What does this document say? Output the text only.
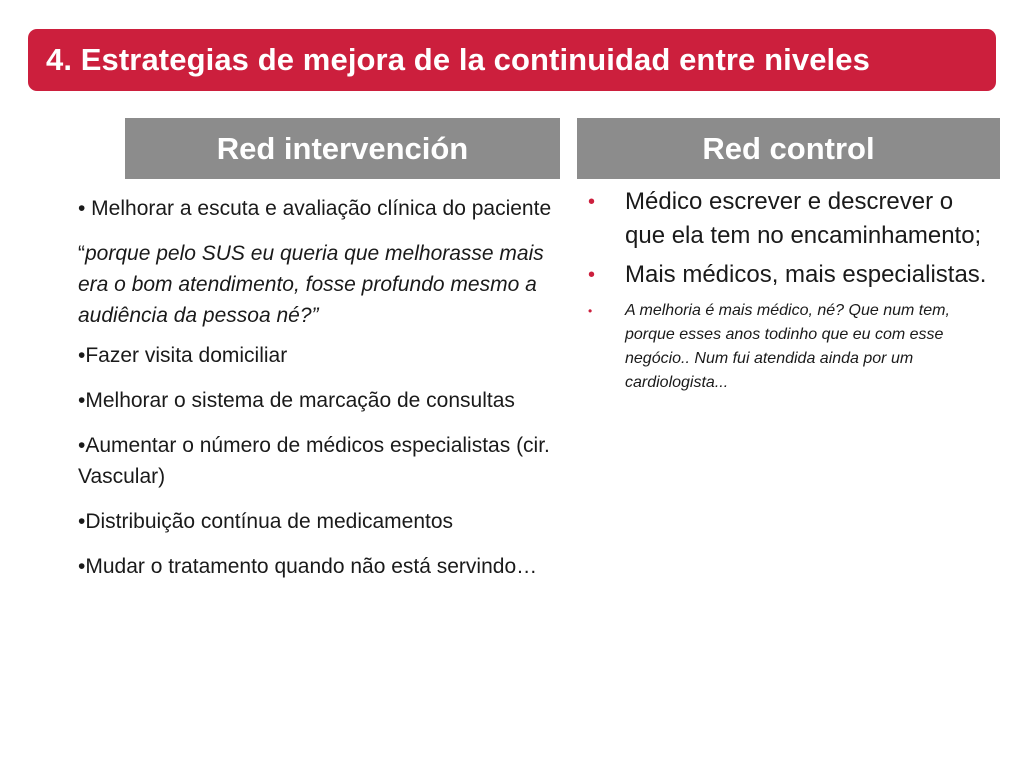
4. Estrategias de mejora de la continuidad entre niveles
Red intervención	Red control

• Melhorar a escuta e avaliação clínica do paciente

“porque pelo SUS eu queria que melhorasse mais era o bom atendimento, fosse profundo mesmo a audiência da pessoa né?”

•Fazer visita domiciliar

•Melhorar o sistema de marcação de consultas

•Aumentar o número de médicos especialistas (cir. Vascular)

•Distribuição contínua de medicamentos

•Mudar o tratamento quando não está servindo…

• Médico escrever e descrever o que ela tem no encaminhamento;
• Mais médicos, mais especialistas.
• A melhoria é mais médico, né? Que num tem, porque esses anos todinho que eu com esse negócio.. Num fui atendida ainda por um cardiologista...
